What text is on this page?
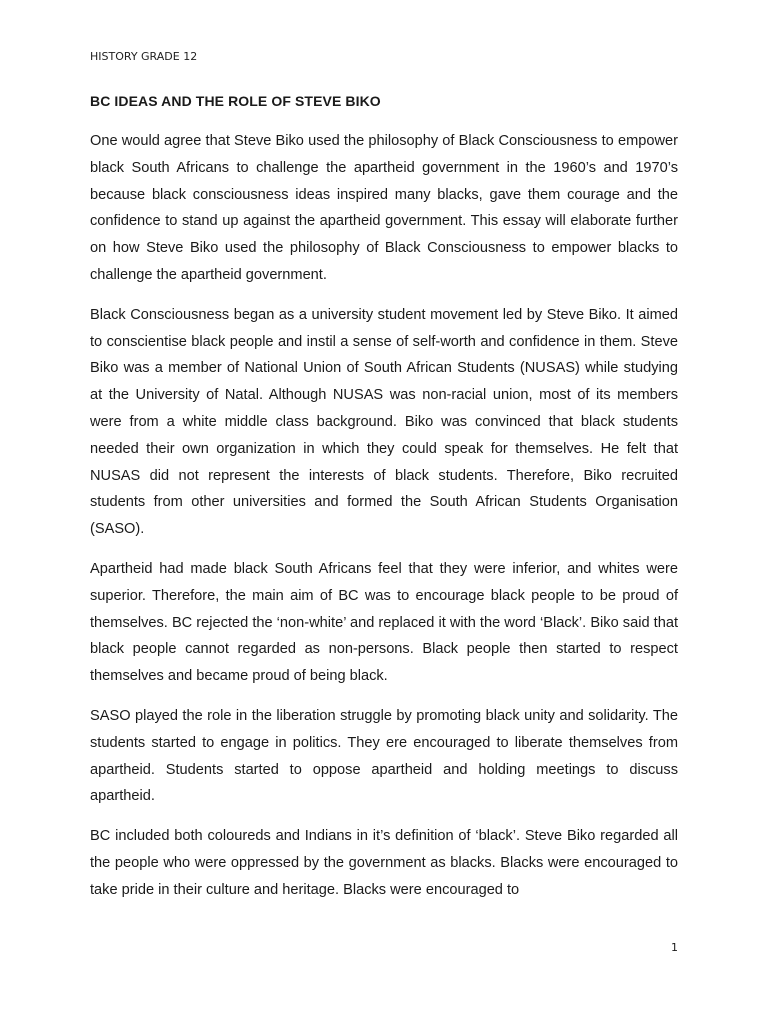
HISTORY GRADE 12
BC IDEAS AND THE ROLE OF STEVE BIKO

One would agree that Steve Biko used the philosophy of Black Consciousness to empower black South Africans to challenge the apartheid government in the 1960’s and 1970’s because black consciousness ideas inspired many blacks, gave them courage and the confidence to stand up against the apartheid government. This essay will elaborate further on how Steve Biko used the philosophy of Black Consciousness to empower blacks to challenge the apartheid government.

Black Consciousness began as a university student movement led by Steve Biko. It aimed to conscientise black people and instil a sense of self-worth and confidence in them. Steve Biko was a member of National Union of South African Students (NUSAS) while studying at the University of Natal. Although NUSAS was non-racial union, most of its members were from a white middle class background. Biko was convinced that black students needed their own organization in which they could speak for themselves. He felt that NUSAS did not represent the interests of black students. Therefore, Biko recruited students from other universities and formed the South African Students Organisation (SASO).

Apartheid had made black South Africans feel that they were inferior, and whites were superior. Therefore, the main aim of BC was to encourage black people to be proud of themselves. BC rejected the ‘non-white’ and replaced it with the word ‘Black’. Biko said that black people cannot regarded as non-persons. Black people then started to respect themselves and became proud of being black.

SASO played the role in the liberation struggle by promoting black unity and solidarity. The students started to engage in politics. They ere encouraged to liberate themselves from apartheid. Students started to oppose apartheid and holding meetings to discuss apartheid.

BC included both coloureds and Indians in it’s definition of ‘black’. Steve Biko regarded all the people who were oppressed by the government as blacks. Blacks were encouraged to take pride in their culture and heritage. Blacks were encouraged to

1
